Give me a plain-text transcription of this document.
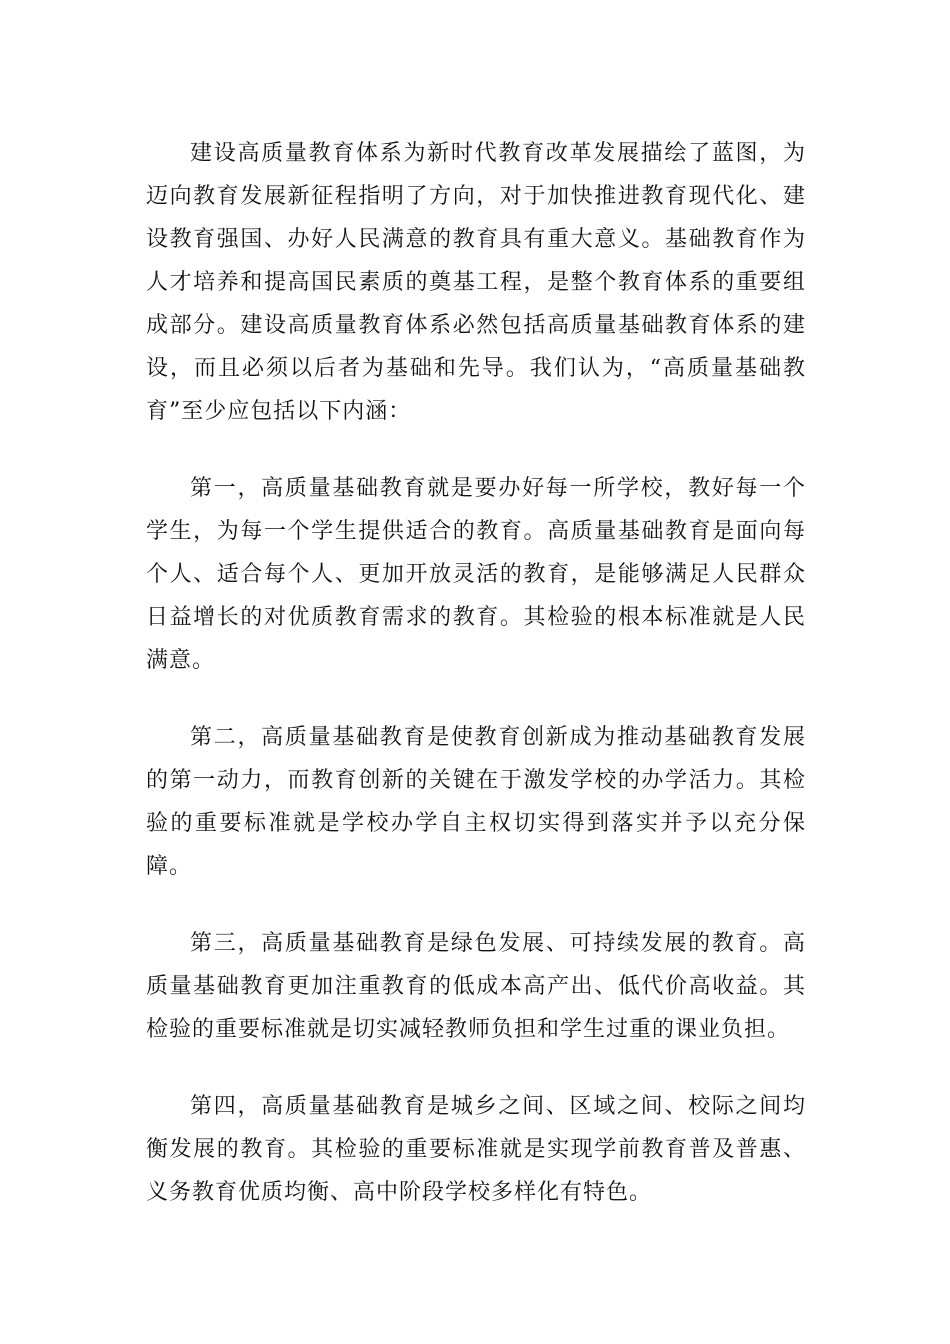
建设高质量教育体系为新时代教育改革发展描绘了蓝图，为迈向教育发展新征程指明了方向，对于加快推进教育现代化、建设教育强国、办好人民满意的教育具有重大意义。基础教育作为人才培养和提高国民素质的奠基工程，是整个教育体系的重要组成部分。建设高质量教育体系必然包括高质量基础教育体系的建设，而且必须以后者为基础和先导。我们认为，“高质量基础教育”至少应包括以下内涵：

第一，高质量基础教育就是要办好每一所学校，教好每一个学生，为每一个学生提供适合的教育。高质量基础教育是面向每个人、适合每个人、更加开放灵活的教育，是能够满足人民群众日益增长的对优质教育需求的教育。其检验的根本标准就是人民满意。

第二，高质量基础教育是使教育创新成为推动基础教育发展的第一动力，而教育创新的关键在于激发学校的办学活力。其检验的重要标准就是学校办学自主权切实得到落实并予以充分保障。

第三，高质量基础教育是绿色发展、可持续发展的教育。高质量基础教育更加注重教育的低成本高产出、低代价高收益。其检验的重要标准就是切实减轻教师负担和学生过重的课业负担。

第四，高质量基础教育是城乡之间、区域之间、校际之间均衡发展的教育。其检验的重要标准就是实现学前教育普及普惠、义务教育优质均衡、高中阶段学校多样化有特色。
